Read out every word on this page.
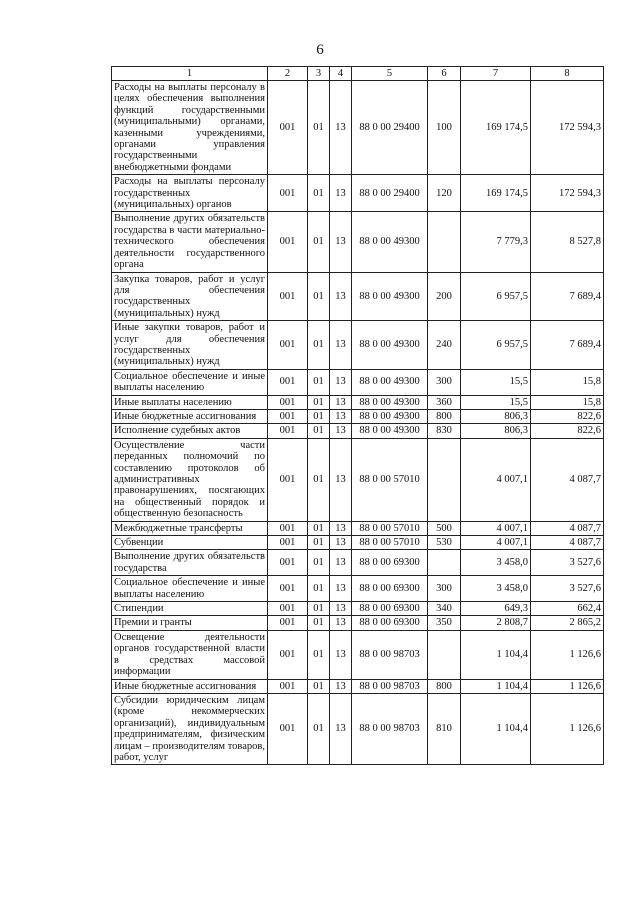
6
1	2	3	4	5	6	7	8
Расходы на выплаты персоналу в целях обеспечения выполнения функций государственными (муниципальными) органами, казенными учреждениями, органами управления государственными внебюджетными фондами	001	01	13	88 0 00 29400	100	169 174,5	172 594,3
Расходы на выплаты персоналу государственных (муниципальных) органов	001	01	13	88 0 00 29400	120	169 174,5	172 594,3
Выполнение других обязательств государства в части материально-технического обеспечения деятельности государственного органа	001	01	13	88 0 00 49300		7 779,3	8 527,8
Закупка товаров, работ и услуг для обеспечения государственных (муниципальных) нужд	001	01	13	88 0 00 49300	200	6 957,5	7 689,4
Иные закупки товаров, работ и услуг для обеспечения государственных (муниципальных) нужд	001	01	13	88 0 00 49300	240	6 957,5	7 689,4
Социальное обеспечение и иные выплаты населению	001	01	13	88 0 00 49300	300	15,5	15,8
Иные выплаты населению	001	01	13	88 0 00 49300	360	15,5	15,8
Иные бюджетные ассигнования	001	01	13	88 0 00 49300	800	806,3	822,6
Исполнение судебных актов	001	01	13	88 0 00 49300	830	806,3	822,6
Осуществление части переданных полномочий по составлению протоколов об административных правонарушениях, посягающих на общественный порядок и общественную безопасность	001	01	13	88 0 00 57010		4 007,1	4 087,7
Межбюджетные трансферты	001	01	13	88 0 00 57010	500	4 007,1	4 087,7
Субвенции	001	01	13	88 0 00 57010	530	4 007,1	4 087,7
Выполнение других обязательств государства	001	01	13	88 0 00 69300		3 458,0	3 527,6
Социальное обеспечение и иные выплаты населению	001	01	13	88 0 00 69300	300	3 458,0	3 527,6
Стипендии	001	01	13	88 0 00 69300	340	649,3	662,4
Премии и гранты	001	01	13	88 0 00 69300	350	2 808,7	2 865,2
Освещение деятельности органов государственной власти в средствах массовой информации	001	01	13	88 0 00 98703		1 104,4	1 126,6
Иные бюджетные ассигнования	001	01	13	88 0 00 98703	800	1 104,4	1 126,6
Субсидии юридическим лицам (кроме некоммерческих организаций), индивидуальным предпринимателям, физическим лицам – производителям товаров, работ, услуг	001	01	13	88 0 00 98703	810	1 104,4	1 126,6
